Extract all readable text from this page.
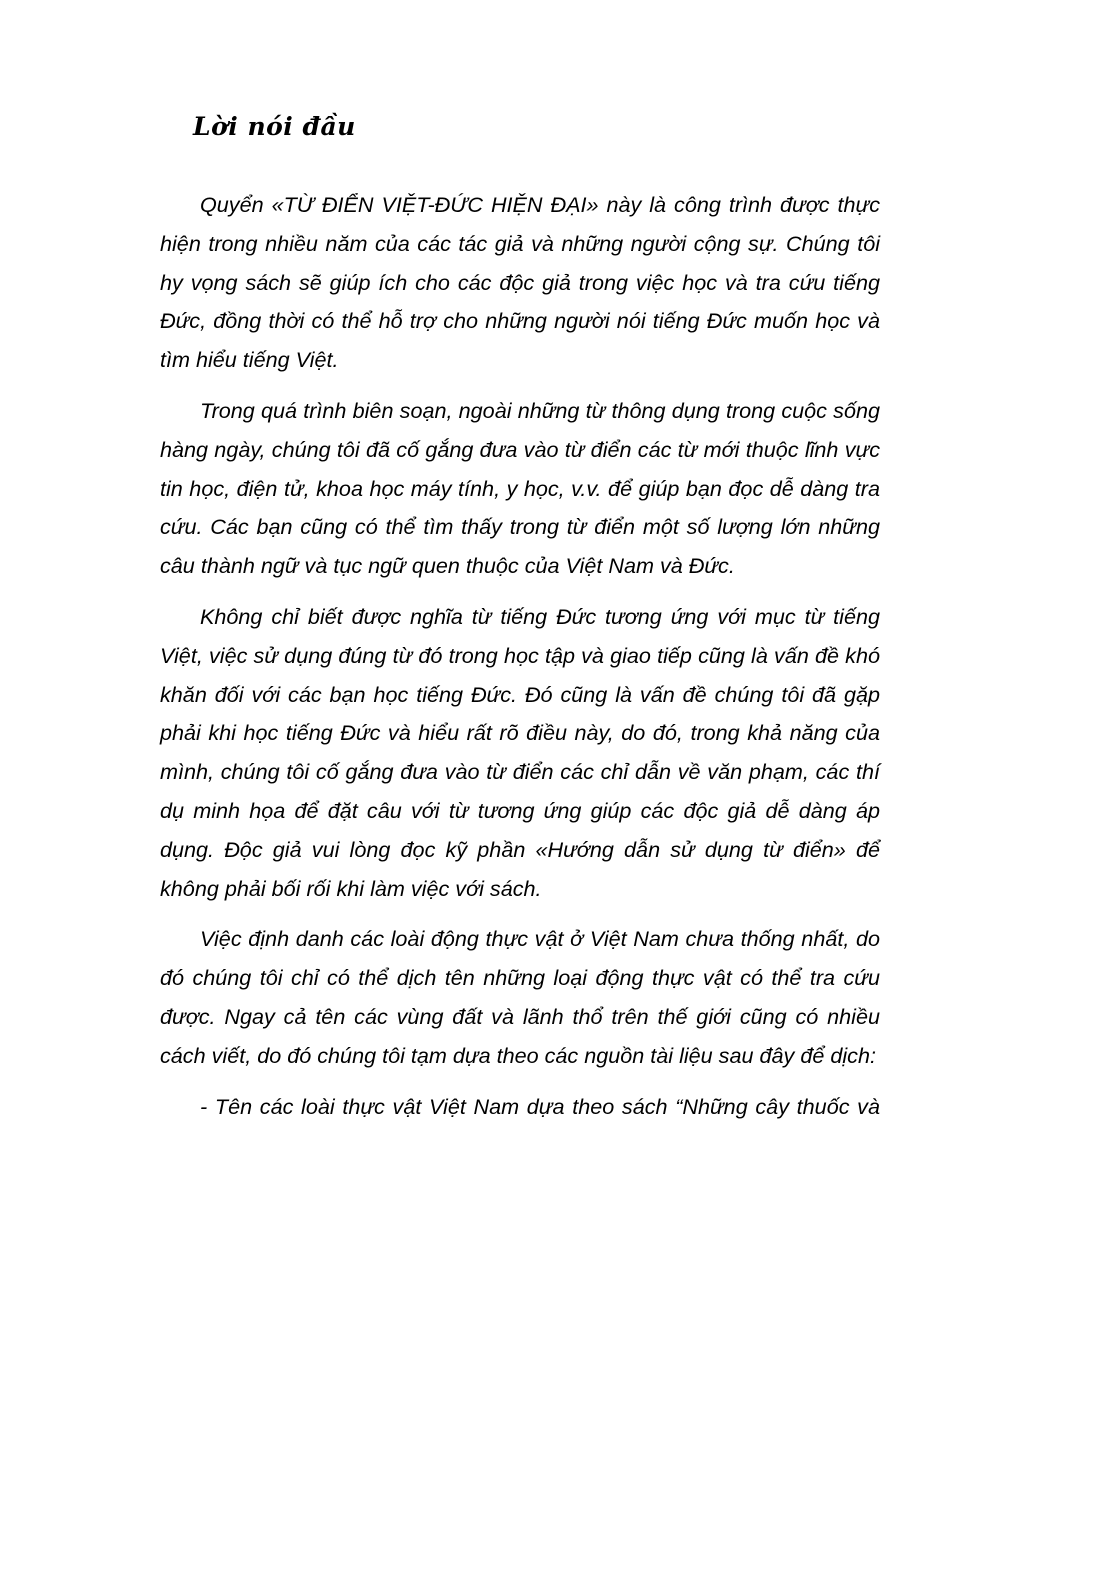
Lời nói đầu

Quyển «TỪ ĐIỂN VIỆT-ĐỨC HIỆN ĐẠI» này là công trình được thực hiện trong nhiều năm của các tác giả và những người cộng sự. Chúng tôi hy vọng sách sẽ giúp ích cho các độc giả trong việc học và tra cứu tiếng Đức, đồng thời có thể hỗ trợ cho những người nói tiếng Đức muốn học và tìm hiểu tiếng Việt.

Trong quá trình biên soạn, ngoài những từ thông dụng trong cuộc sống hàng ngày, chúng tôi đã cố gắng đưa vào từ điển các từ mới thuộc lĩnh vực tin học, điện tử, khoa học máy tính, y học, v.v. để giúp bạn đọc dễ dàng tra cứu. Các bạn cũng có thể tìm thấy trong từ điển một số lượng lớn những câu thành ngữ và tục ngữ quen thuộc của Việt Nam và Đức.

Không chỉ biết được nghĩa từ tiếng Đức tương ứng với mục từ tiếng Việt, việc sử dụng đúng từ đó trong học tập và giao tiếp cũng là vấn đề khó khăn đối với các bạn học tiếng Đức. Đó cũng là vấn đề chúng tôi đã gặp phải khi học tiếng Đức và hiểu rất rõ điều này, do đó, trong khả năng của mình, chúng tôi cố gắng đưa vào từ điển các chỉ dẫn về văn phạm, các thí dụ minh họa để đặt câu với từ tương ứng giúp các độc giả dễ dàng áp dụng. Độc giả vui lòng đọc kỹ phần «Hướng dẫn sử dụng từ điển» để không phải bối rối khi làm việc với sách.

Việc định danh các loài động thực vật ở Việt Nam chưa thống nhất, do đó chúng tôi chỉ có thể dịch tên những loại động thực vật có thể tra cứu được. Ngay cả tên các vùng đất và lãnh thổ trên thế giới cũng có nhiều cách viết, do đó chúng tôi tạm dựa theo các nguồn tài liệu sau đây để dịch:

- Tên các loài thực vật Việt Nam dựa theo sách “Những cây thuốc và
